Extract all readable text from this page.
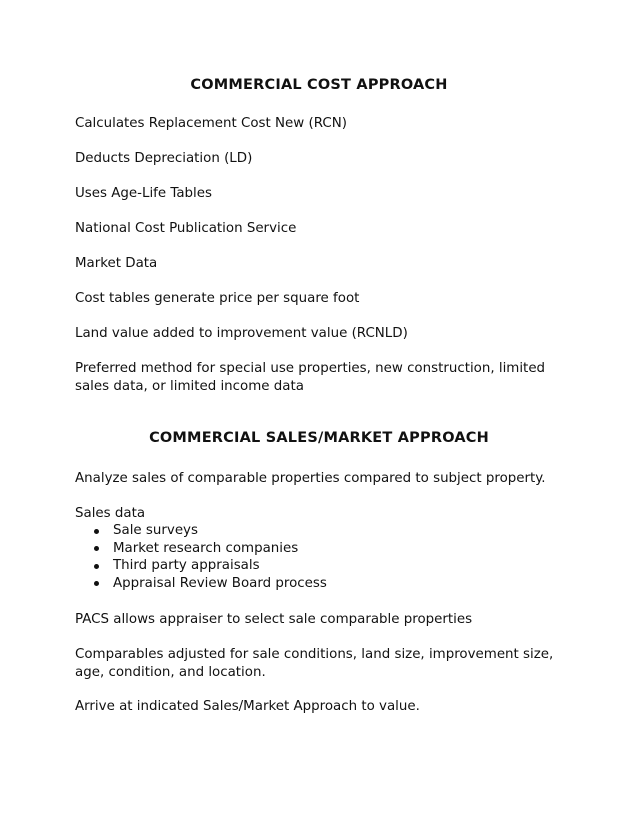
COMMERCIAL COST APPROACH
Calculates Replacement Cost New (RCN)
Deducts Depreciation (LD)
Uses Age-Life Tables
National Cost Publication Service
Market Data
Cost tables generate price per square foot
Land value added to improvement value (RCNLD)
Preferred method for special use properties, new construction, limited sales data, or limited income data
COMMERCIAL SALES/MARKET APPROACH
Analyze sales of comparable properties compared to subject property.
Sales data
Sale surveys
Market research companies
Third party appraisals
Appraisal Review Board process
PACS allows appraiser to select sale comparable properties
Comparables adjusted for sale conditions, land size, improvement size, age, condition, and location.
Arrive at indicated Sales/Market Approach to value.
